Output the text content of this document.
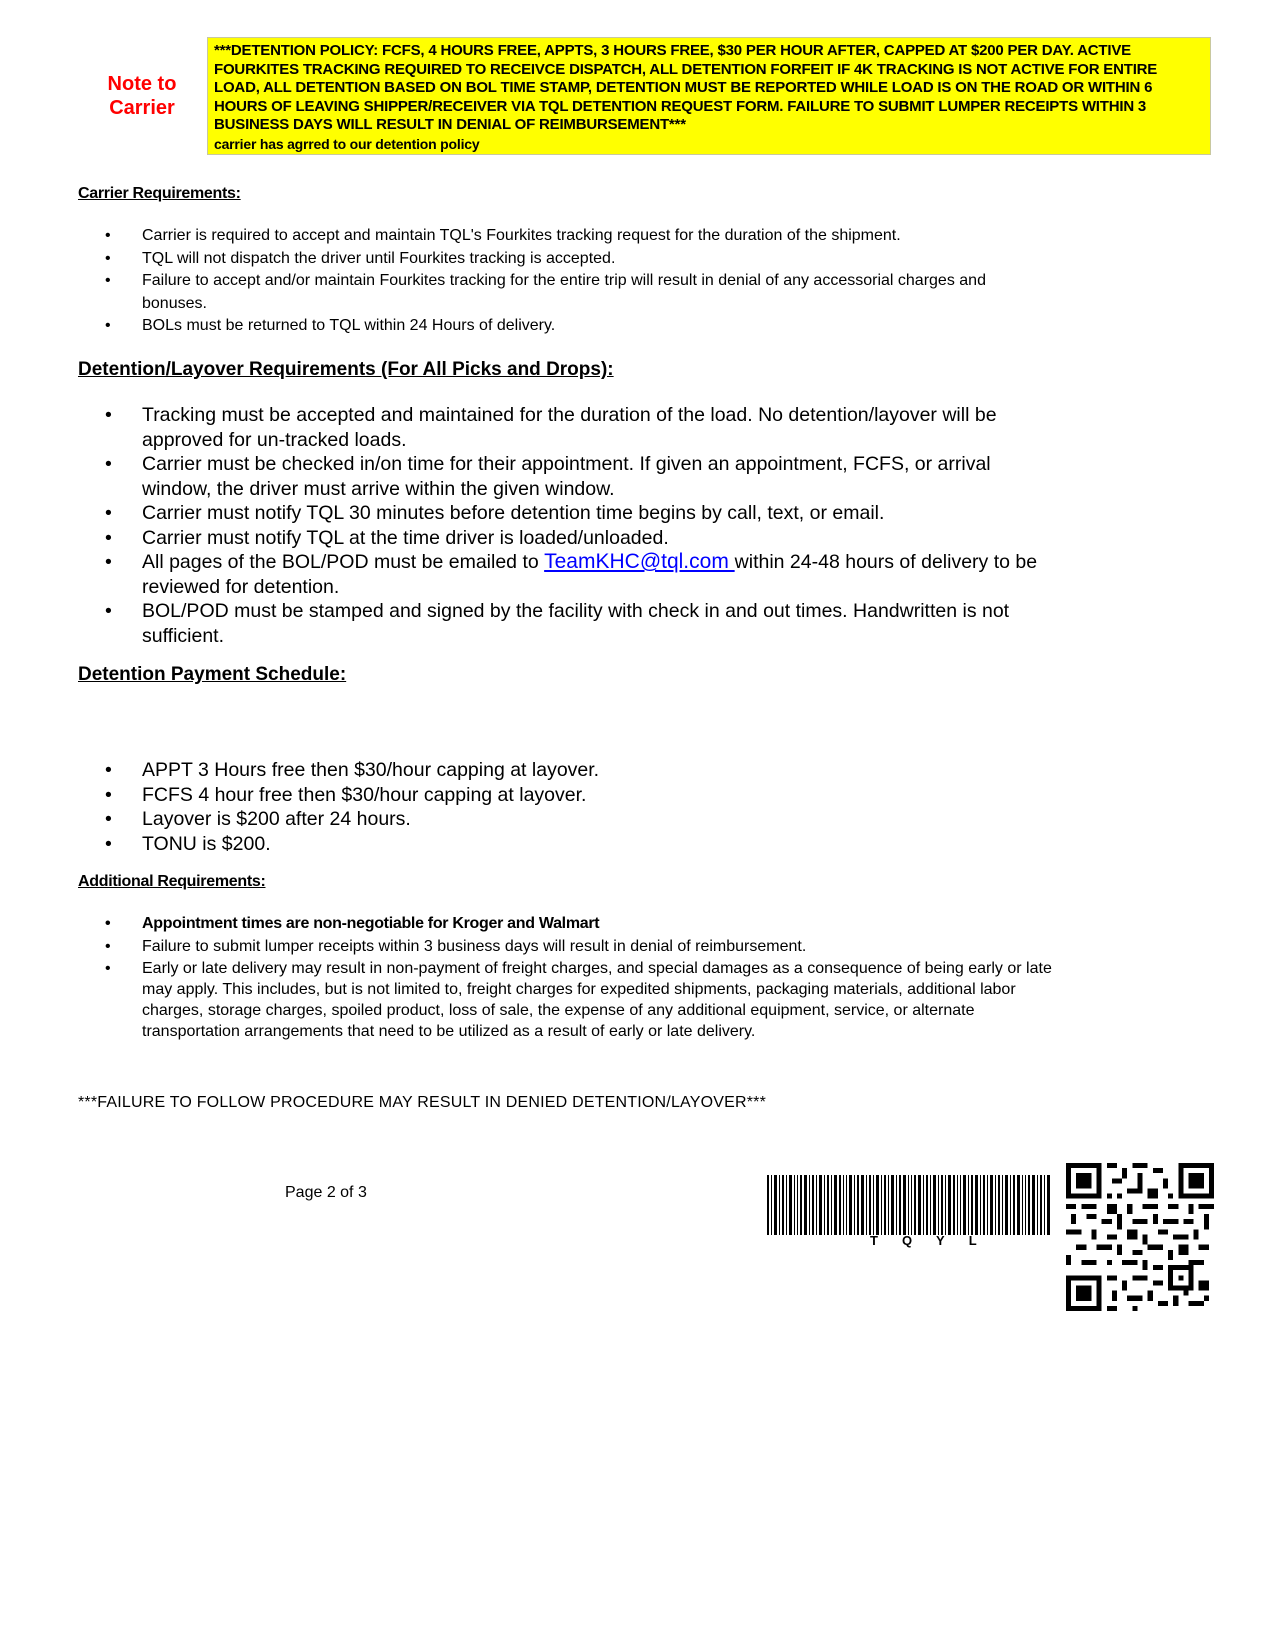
Note to
Carrier
***DETENTION POLICY: FCFS, 4 HOURS FREE, APPTS, 3 HOURS FREE, $30 PER HOUR AFTER, CAPPED AT $200 PER DAY. ACTIVE FOURKITES TRACKING REQUIRED TO RECEIVCE DISPATCH, ALL DETENTION FORFEIT IF 4K TRACKING IS NOT ACTIVE FOR ENTIRE LOAD, ALL DETENTION BASED ON BOL TIME STAMP, DETENTION MUST BE REPORTED WHILE LOAD IS ON THE ROAD OR WITHIN 6 HOURS OF LEAVING SHIPPER/RECEIVER VIA TQL DETENTION REQUEST FORM. FAILURE TO SUBMIT LUMPER RECEIPTS WITHIN 3 BUSINESS DAYS WILL RESULT IN DENIAL OF REIMBURSEMENT***
carrier has agrred to our detention policy
Carrier Requirements:
• Carrier is required to accept and maintain TQL's Fourkites tracking request for the duration of the shipment.
• TQL will not dispatch the driver until Fourkites tracking is accepted.
• Failure to accept and/or maintain Fourkites tracking for the entire trip will result in denial of any accessorial charges and bonuses.
• BOLs must be returned to TQL within 24 Hours of delivery.
Detention/Layover Requirements (For All Picks and Drops):
• Tracking must be accepted and maintained for the duration of the load. No detention/layover will be approved for un-tracked loads.
• Carrier must be checked in/on time for their appointment. If given an appointment, FCFS, or arrival window, the driver must arrive within the given window.
• Carrier must notify TQL 30 minutes before detention time begins by call, text, or email.
• Carrier must notify TQL at the time driver is loaded/unloaded.
• All pages of the BOL/POD must be emailed to TeamKHC@tql.com within 24-48 hours of delivery to be reviewed for detention.
• BOL/POD must be stamped and signed by the facility with check in and out times. Handwritten is not sufficient.
Detention Payment Schedule:
• APPT 3 Hours free then $30/hour capping at layover.
• FCFS 4 hour free then $30/hour capping at layover.
• Layover is $200 after 24 hours.
• TONU is $200.
Additional Requirements:
• Appointment times are non-negotiable for Kroger and Walmart
• Failure to submit lumper receipts within 3 business days will result in denial of reimbursement.
• Early or late delivery may result in non-payment of freight charges, and special damages as a consequence of being early or late may apply. This includes, but is not limited to, freight charges for expedited shipments, packaging materials, additional labor charges, storage charges, spoiled product, loss of sale, the expense of any additional equipment, service, or alternate transportation arrangements that need to be utilized as a result of early or late delivery.
***FAILURE TO FOLLOW PROCEDURE MAY RESULT IN DENIED DETENTION/LAYOVER***
Page 2 of 3
TQYL
